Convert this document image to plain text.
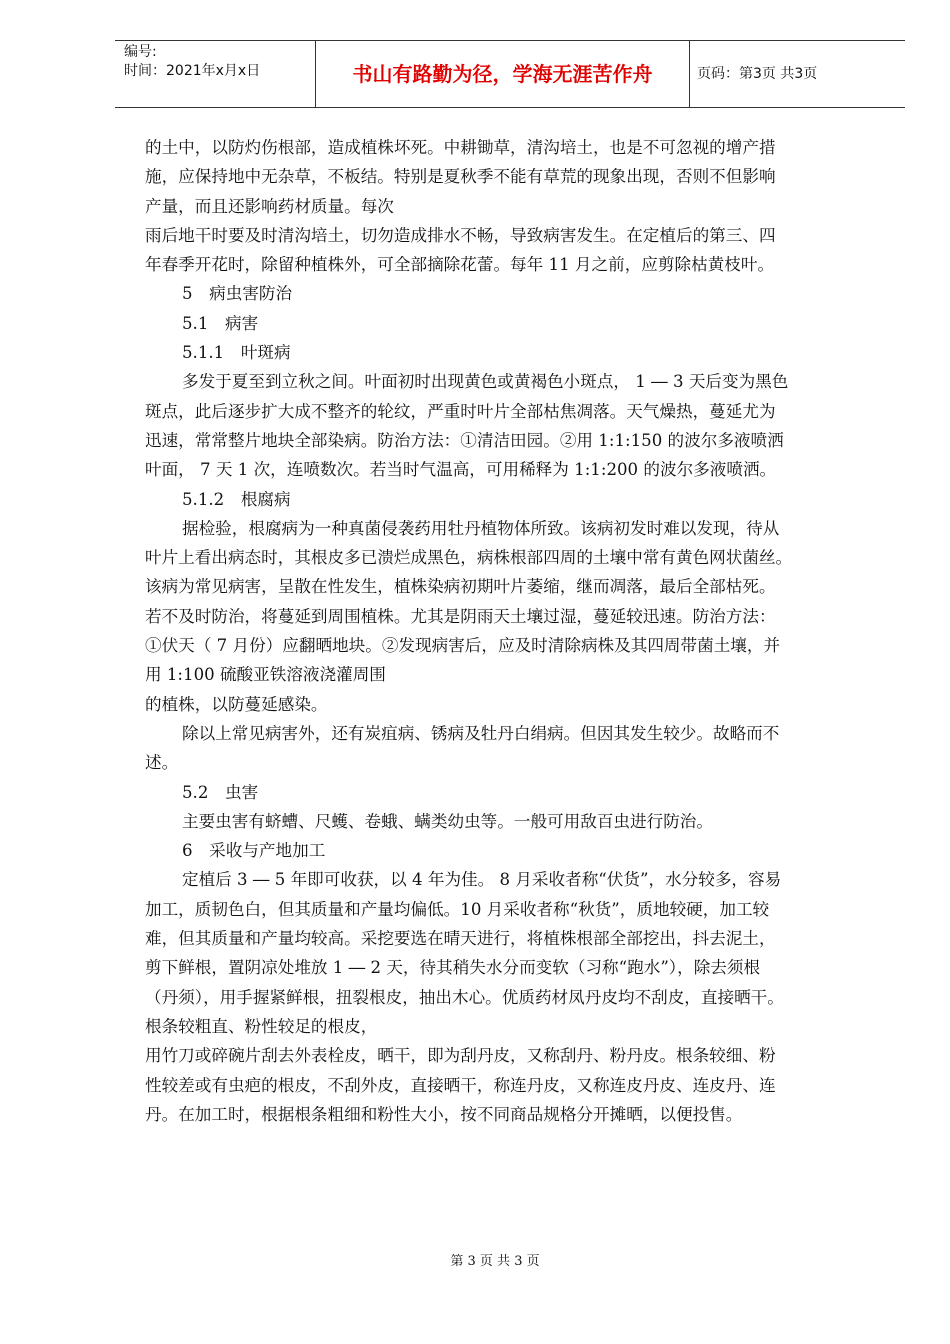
编号:
时间：2021年x月x日	书山有路勤为径，学海无涯苦作舟	页码：第3页 共3页

的土中，以防灼伤根部，造成植株坏死。中耕锄草，清沟培土，也是不可忽视的增产措

施，应保持地中无杂草，不板结。特别是夏秋季不能有草荒的现象出现，否则不但影响

产量，而且还影响药材质量。每次

雨后地干时要及时清沟培土，切勿造成排水不畅，导致病害发生。在定植后的第三、四

年春季开花时，除留种植株外，可全部摘除花蕾。每年 11 月之前，应剪除枯黄枝叶。

5　病虫害防治

5.1　病害

5.1.1　叶斑病

多发于夏至到立秋之间。叶面初时出现黄色或黄褐色小斑点， 1 ― 3 天后变为黑色

斑点，此后逐步扩大成不整齐的轮纹，严重时叶片全部枯焦凋落。天气燥热，蔓延尤为

迅速，常常整片地块全部染病。防治方法：①清洁田园。②用 1:1:150 的波尔多液喷洒

叶面， 7 天 1 次，连喷数次。若当时气温高，可用稀释为 1:1:200 的波尔多液喷洒。

5.1.2　根腐病

据检验，根腐病为一种真菌侵袭药用牡丹植物体所致。该病初发时难以发现，待从

叶片上看出病态时，其根皮多已溃烂成黑色，病株根部四周的土壤中常有黄色网状菌丝。

该病为常见病害，呈散在性发生，植株染病初期叶片萎缩，继而凋落，最后全部枯死。

若不及时防治，将蔓延到周围植株。尤其是阴雨天土壤过湿，蔓延较迅速。防治方法：

①伏天（ 7 月份）应翻晒地块。②发现病害后，应及时清除病株及其四周带菌土壤，并

用 1:100 硫酸亚铁溶液浇灌周围

的植株，以防蔓延感染。

除以上常见病害外，还有炭疽病、锈病及牡丹白绢病。但因其发生较少。故略而不

述。

5.2　虫害

主要虫害有蛴螬、尺蠖、卷蛾、螨类幼虫等。一般可用敌百虫进行防治。

6　采收与产地加工

定植后 3 ― 5 年即可收获，以 4 年为佳。 8 月采收者称“伏货”，水分较多，容易

加工，质韧色白，但其质量和产量均偏低。10 月采收者称“秋货”，质地较硬，加工较

难，但其质量和产量均较高。采挖要选在晴天进行，将植株根部全部挖出，抖去泥土，

剪下鲜根，置阴凉处堆放 1 ― 2 天，待其稍失水分而变软（习称“跑水”），除去须根

（丹须），用手握紧鲜根，扭裂根皮，抽出木心。优质药材凤丹皮均不刮皮，直接晒干。

根条较粗直、粉性较足的根皮，

用竹刀或碎碗片刮去外表栓皮，晒干，即为刮丹皮，又称刮丹、粉丹皮。根条较细、粉

性较差或有虫疤的根皮，不刮外皮，直接晒干，称连丹皮，又称连皮丹皮、连皮丹、连

丹。在加工时，根据根条粗细和粉性大小，按不同商品规格分开摊晒，以便投售。

第 3 页 共 3 页
